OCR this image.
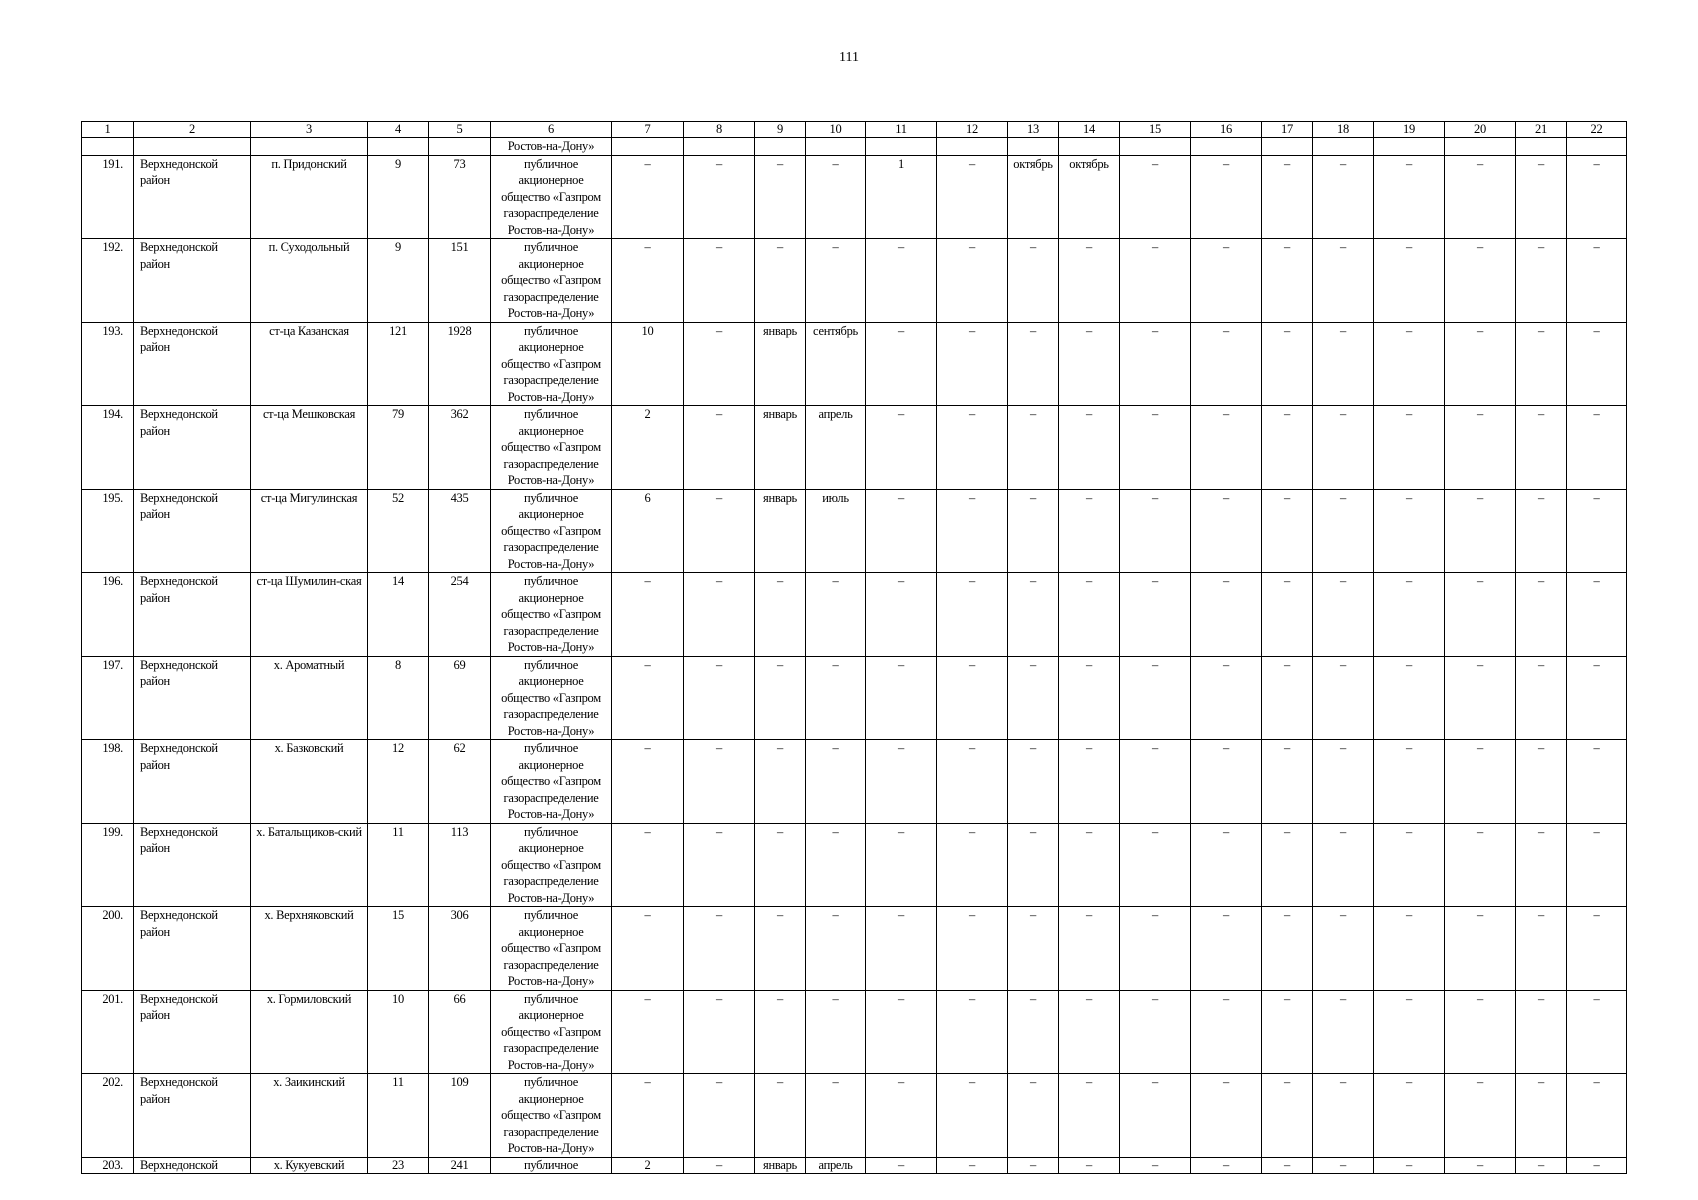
111
1	2	3	4	5	6	7	8	9	10	11	12	13	14	15	16	17	18	19	20	21	22
					Ростов-на-Дону»																
191.	Верхнедонской район	п. Придонский	9	73	публичное акционерное общество «Газпром газораспределение Ростов-на-Дону»	–	–	–	–	1	–	октябрь	октябрь	–	–	–	–	–	–	–	–
192.	Верхнедонской район	п. Суходольный	9	151	публичное акционерное общество «Газпром газораспределение Ростов-на-Дону»	–	–	–	–	–	–	–	–	–	–	–	–	–	–	–	–
193.	Верхнедонской район	ст-ца Казанская	121	1928	публичное акционерное общество «Газпром газораспределение Ростов-на-Дону»	10	–	январь	сентябрь	–	–	–	–	–	–	–	–	–	–	–	–
194.	Верхнедонской район	ст-ца Мешковская	79	362	публичное акционерное общество «Газпром газораспределение Ростов-на-Дону»	2	–	январь	апрель	–	–	–	–	–	–	–	–	–	–	–	–
195.	Верхнедонской район	ст-ца Мигулинская	52	435	публичное акционерное общество «Газпром газораспределение Ростов-на-Дону»	6	–	январь	июль	–	–	–	–	–	–	–	–	–	–	–	–
196.	Верхнедонской район	ст-ца Шумилин-ская	14	254	публичное акционерное общество «Газпром газораспределение Ростов-на-Дону»	–	–	–	–	–	–	–	–	–	–	–	–	–	–	–	–
197.	Верхнедонской район	х. Ароматный	8	69	публичное акционерное общество «Газпром газораспределение Ростов-на-Дону»	–	–	–	–	–	–	–	–	–	–	–	–	–	–	–	–
198.	Верхнедонской район	х. Базковский	12	62	публичное акционерное общество «Газпром газораспределение Ростов-на-Дону»	–	–	–	–	–	–	–	–	–	–	–	–	–	–	–	–
199.	Верхнедонской район	х. Батальщиков-ский	11	113	публичное акционерное общество «Газпром газораспределение Ростов-на-Дону»	–	–	–	–	–	–	–	–	–	–	–	–	–	–	–	–
200.	Верхнедонской район	х. Верхняковский	15	306	публичное акционерное общество «Газпром газораспределение Ростов-на-Дону»	–	–	–	–	–	–	–	–	–	–	–	–	–	–	–	–
201.	Верхнедонской район	х. Гормиловский	10	66	публичное акционерное общество «Газпром газораспределение Ростов-на-Дону»	–	–	–	–	–	–	–	–	–	–	–	–	–	–	–	–
202.	Верхнедонской район	х. Заикинский	11	109	публичное акционерное общество «Газпром газораспределение Ростов-на-Дону»	–	–	–	–	–	–	–	–	–	–	–	–	–	–	–	–
203.	Верхнедонской	х. Кукуевский	23	241	публичное	2	–	январь	апрель	–	–	–	–	–	–	–	–	–	–	–	–
